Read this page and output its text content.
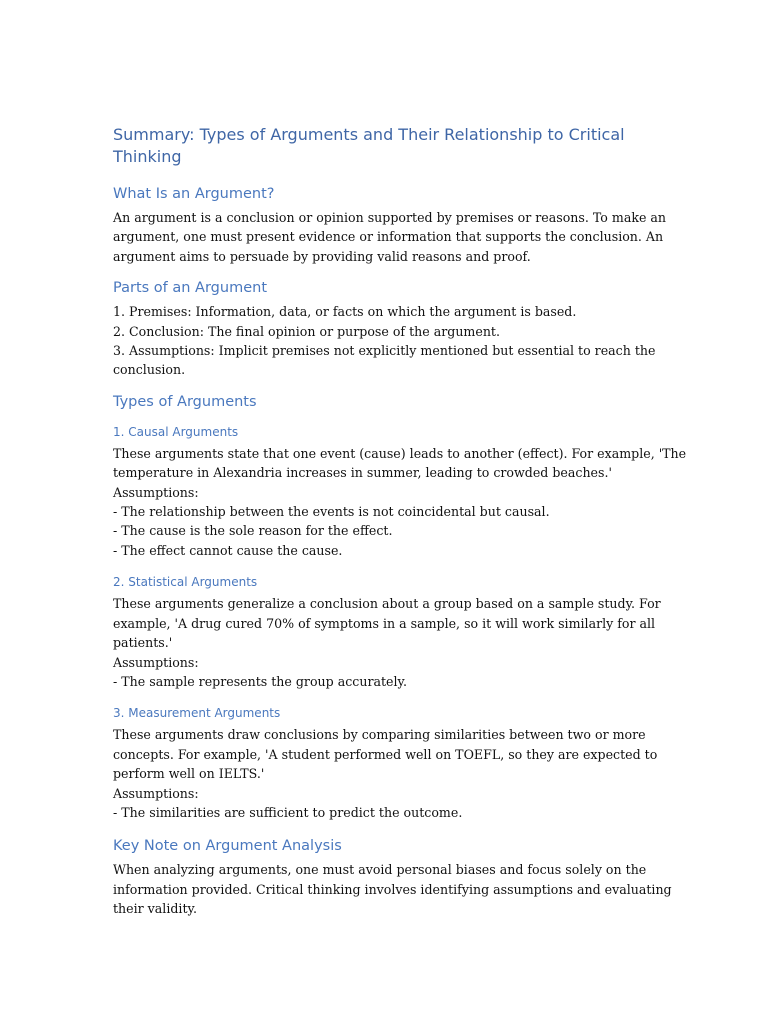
Summary: Types of Arguments and Their Relationship to Critical Thinking
What Is an Argument?

An argument is a conclusion or opinion supported by premises or reasons. To make an
argument, one must present evidence or information that supports the conclusion. An
argument aims to persuade by providing valid reasons and proof.

Parts of an Argument

1. Premises: Information, data, or facts on which the argument is based.
2. Conclusion: The final opinion or purpose of the argument.
3. Assumptions: Implicit premises not explicitly mentioned but essential to reach the
conclusion.

Types of Arguments
1. Causal Arguments

These arguments state that one event (cause) leads to another (effect). For example, 'The
temperature in Alexandria increases in summer, leading to crowded beaches.'
Assumptions:
- The relationship between the events is not coincidental but causal.
- The cause is the sole reason for the effect.
- The effect cannot cause the cause.

2. Statistical Arguments

These arguments generalize a conclusion about a group based on a sample study. For
example, 'A drug cured 70% of symptoms in a sample, so it will work similarly for all
patients.'
Assumptions:
- The sample represents the group accurately.

3. Measurement Arguments

These arguments draw conclusions by comparing similarities between two or more
concepts. For example, 'A student performed well on TOEFL, so they are expected to
perform well on IELTS.'
Assumptions:
- The similarities are sufficient to predict the outcome.

Key Note on Argument Analysis

When analyzing arguments, one must avoid personal biases and focus solely on the
information provided. Critical thinking involves identifying assumptions and evaluating
their validity.
